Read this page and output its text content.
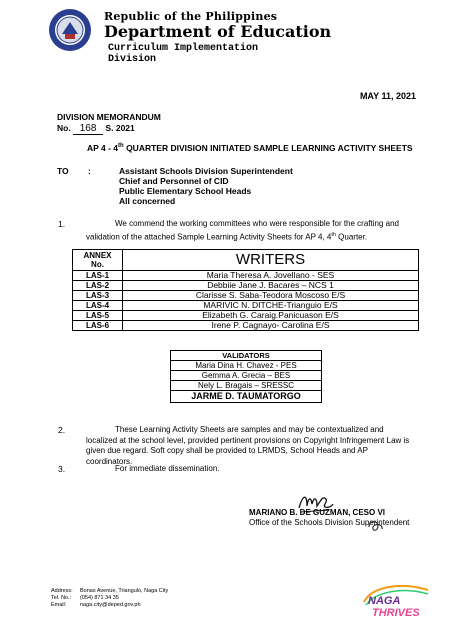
Republic of the Philippines
Department of Education
Curriculum Implementation
Division
MAY 11, 2021
DIVISION MEMORANDUM
No. 168 S. 2021
AP 4 - 4th QUARTER DIVISION INITIATED SAMPLE LEARNING ACTIVITY SHEETS
TO :	Assistant Schools Division Superintendent
Chief and Personnel of CID
Public Elementary School Heads
All concerned
1.	We commend the working committees who were responsible for the crafting and validation of the attached Sample Learning Activity Sheets for AP 4, 4th Quarter.
ANNEX
No.	WRITERS
LAS-1	Maria Theresa A. Jovellano - SES
LAS-2	Debbiie Jane J. Bacares – NCS 1
LAS-3	Clarisse S. Saba-Teodora Moscoso E/S
LAS-4	MARIVIC N. DITCHE-Trianguio E/S
LAS-5	Elizabeth G. Caraig.Panicuason E/S
LAS-6	Irene P. Cagnayo- Carolina E/S
VALIDATORS
Maria Dina H. Chavez - PES
Gemma A. Grecia – BES
Nely L. Bragais – SRESSC
JARME D. TAUMATORGO
2.	These Learning Activity Sheets are samples and may be contextualized and localized at the school level, provided pertinent provisions on Copyright Infringement Law is given due regard. Soft copy shall be provided to LRMDS, School Heads and AP coordinators.
3.	For immediate dissemination.
MARIANO B. DE GUZMAN, CESO VI
Office of the Schools Division Superintendent
Address: Bonas Avenue, Triangulo, Naga City
Tel. No.: (054) 871 34 35
Email: naga.city@deped.gov.ph	NAGA
THRIVES
